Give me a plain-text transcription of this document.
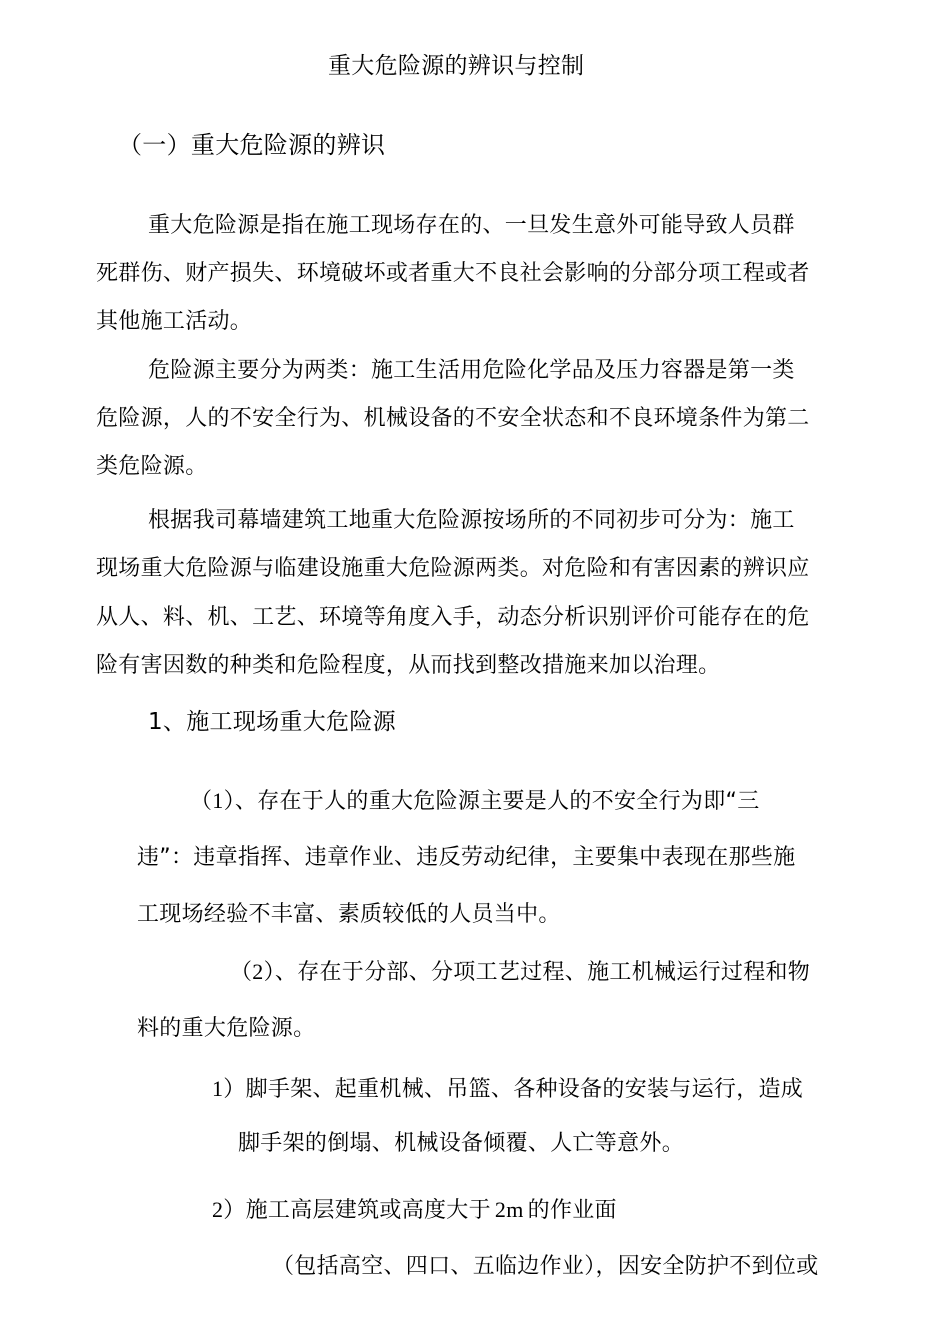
重大危险源的辨识与控制
（一）重大危险源的辨识
重大危险源是指在施工现场存在的、一旦发生意外可能导致人员群
死群伤、财产损失、环境破坏或者重大不良社会影响的分部分项工程或者
其他施工活动。
危险源主要分为两类：施工生活用危险化学品及压力容器是第一类
危险源，人的不安全行为、机械设备的不安全状态和不良环境条件为第二
类危险源。
根据我司幕墙建筑工地重大危险源按场所的不同初步可分为：施工
现场重大危险源与临建设施重大危险源两类。对危险和有害因素的辨识应
从人、料、机、工艺、环境等角度入手，动态分析识别评价可能存在的危
险有害因数的种类和危险程度，从而找到整改措施来加以治理。
1、施工现场重大危险源
（1）、存在于人的重大危险源主要是人的不安全行为即“三
违”：违章指挥、违章作业、违反劳动纪律，主要集中表现在那些施
工现场经验不丰富、素质较低的人员当中。
（2）、存在于分部、分项工艺过程、施工机械运行过程和物
料的重大危险源。
1）脚手架、起重机械、吊篮、各种设备的安装与运行，造成
脚手架的倒塌、机械设备倾覆、人亡等意外。
2）施工高层建筑或高度大于 2m 的作业面
（包括高空、四口、五临边作业），因安全防护不到位或
